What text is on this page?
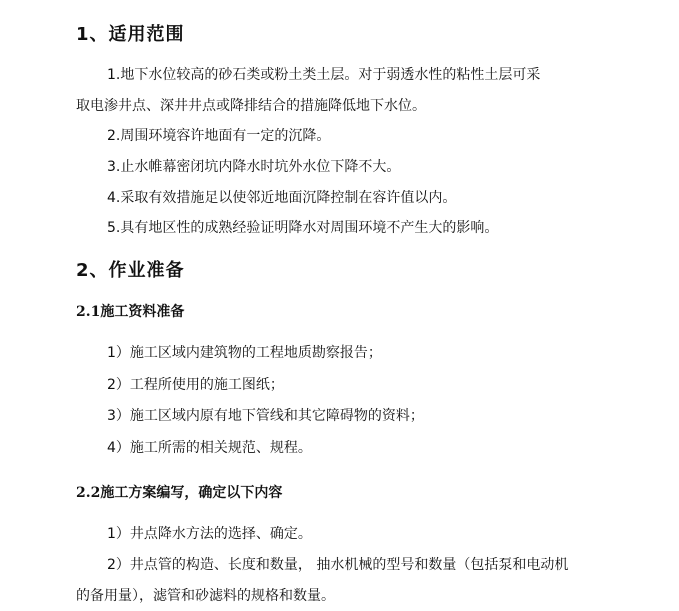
1、适用范围
1.地下水位较高的砂石类或粉土类土层。对于弱透水性的粘性土层可采
取电渗井点、深井井点或降排结合的措施降低地下水位。
2.周围环境容许地面有一定的沉降。
3.止水帷幕密闭坑内降水时坑外水位下降不大。
4.采取有效措施足以使邻近地面沉降控制在容许值以内。
5.具有地区性的成熟经验证明降水对周围环境不产生大的影响。
2、作业准备
2.1施工资料准备
1）施工区域内建筑物的工程地质勘察报告；
2）工程所使用的施工图纸；
3）施工区域内原有地下管线和其它障碍物的资料；
4）施工所需的相关规范、规程。
2.2施工方案编写，确定以下内容
1）井点降水方法的选择、确定。
2）井点管的构造、长度和数量， 抽水机械的型号和数量（包括泵和电动机
的备用量），滤管和砂滤料的规格和数量。
